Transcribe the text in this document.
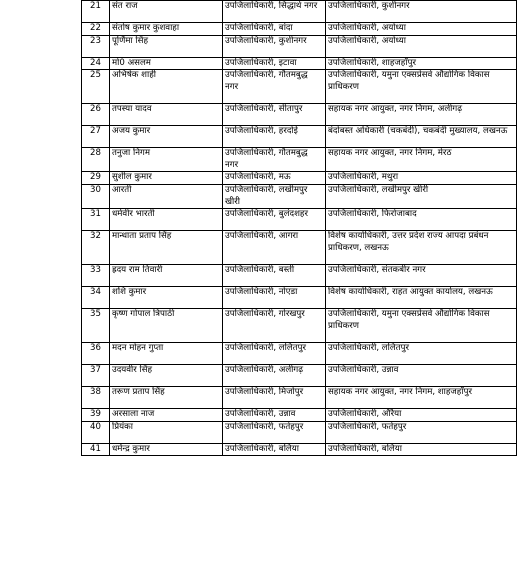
21	संत राज	उपजिलाधिकारी, सिद्धार्थ नगर	उपजिलाधिकारी, कुशीनगर
22	संतोष कुमार कुशवाहा	उपजिलाधिकारी, बांदा	उपजिलाधिकारी, अयोध्या
23	पूर्णिमा सिंह	उपजिलाधिकारी, कुशीनगर	उपजिलाधिकारी, अयोध्या
24	मो0 असलम	उपजिलाधिकारी, इटावा	उपजिलाधिकारी, शाहजहाँपुर
25	अभिषेक शाही	उपजिलाधिकारी, गौतमबुद्ध नगर	उपजिलाधिकारी, यमुना एक्सप्रेसवे औद्योगिक विकास प्राधिकरण
26	तपस्या यादव	उपजिलाधिकारी, सीतापुर	सहायक नगर आयुक्त, नगर निगम, अलीगढ़
27	अजय कुमार	उपजिलाधिकारी, हरदोई	बंदोबस्त अधिकारी (चकबंदी), चकबंदी मुख्यालय, लखनऊ
28	तनुजा निगम	उपजिलाधिकारी, गौतमबुद्ध नगर	सहायक नगर आयुक्त, नगर निगम, मेरठ
29	सुशील कुमार	उपजिलाधिकारी, मऊ	उपजिलाधिकारी, मथुरा
30	आरती	उपजिलाधिकारी, लखीमपुर खीरी	उपजिलाधिकारी, लखीमपुर खीरी
31	धर्मवीर भारती	उपजिलाधिकारी, बुलंदशहर	उपजिलाधिकारी, फिरोजाबाद
32	मान्धाता प्रताप सिंह	उपजिलाधिकारी, आगरा	विशेष कार्याधिकारी, उत्तर प्रदेश राज्य आपदा प्रबंधन प्राधिकरण, लखनऊ
33	ह्रदय राम तिवारी	उपजिलाधिकारी, बस्ती	उपजिलाधिकारी, संतकबीर नगर
34	शशि कुमार	उपजिलाधिकारी, नोएडा	विशेष कार्याधिकारी, राहत आयुक्त कार्यालय, लखनऊ
35	कृष्ण गोपाल त्रिपाठी	उपजिलाधिकारी, गोरखपुर	उपजिलाधिकारी, यमुना एक्सप्रेसवे औद्योगिक विकास प्राधिकरण
36	मदन मोहन गुप्ता	उपजिलाधिकारी, ललितपुर	उपजिलाधिकारी, ललितपुर
37	उदयवीर सिंह	उपजिलाधिकारी, अलीगढ़	उपजिलाधिकारी, उन्नाव
38	तरूण प्रताप सिंह	उपजिलाधिकारी, मिर्जापुर	सहायक नगर आयुक्त, नगर निगम, शाहजहाँपुर
39	अरसाला नाज	उपजिलाधिकारी, उन्नाव	उपजिलाधिकारी, औरैया
40	प्रियंका	उपजिलाधिकारी, फतेहपुर	उपजिलाधिकारी, फतेहपुर
41	धर्मेन्द्र कुमार	उपजिलाधिकारी, बलिया	उपजिलाधिकारी, बलिया
